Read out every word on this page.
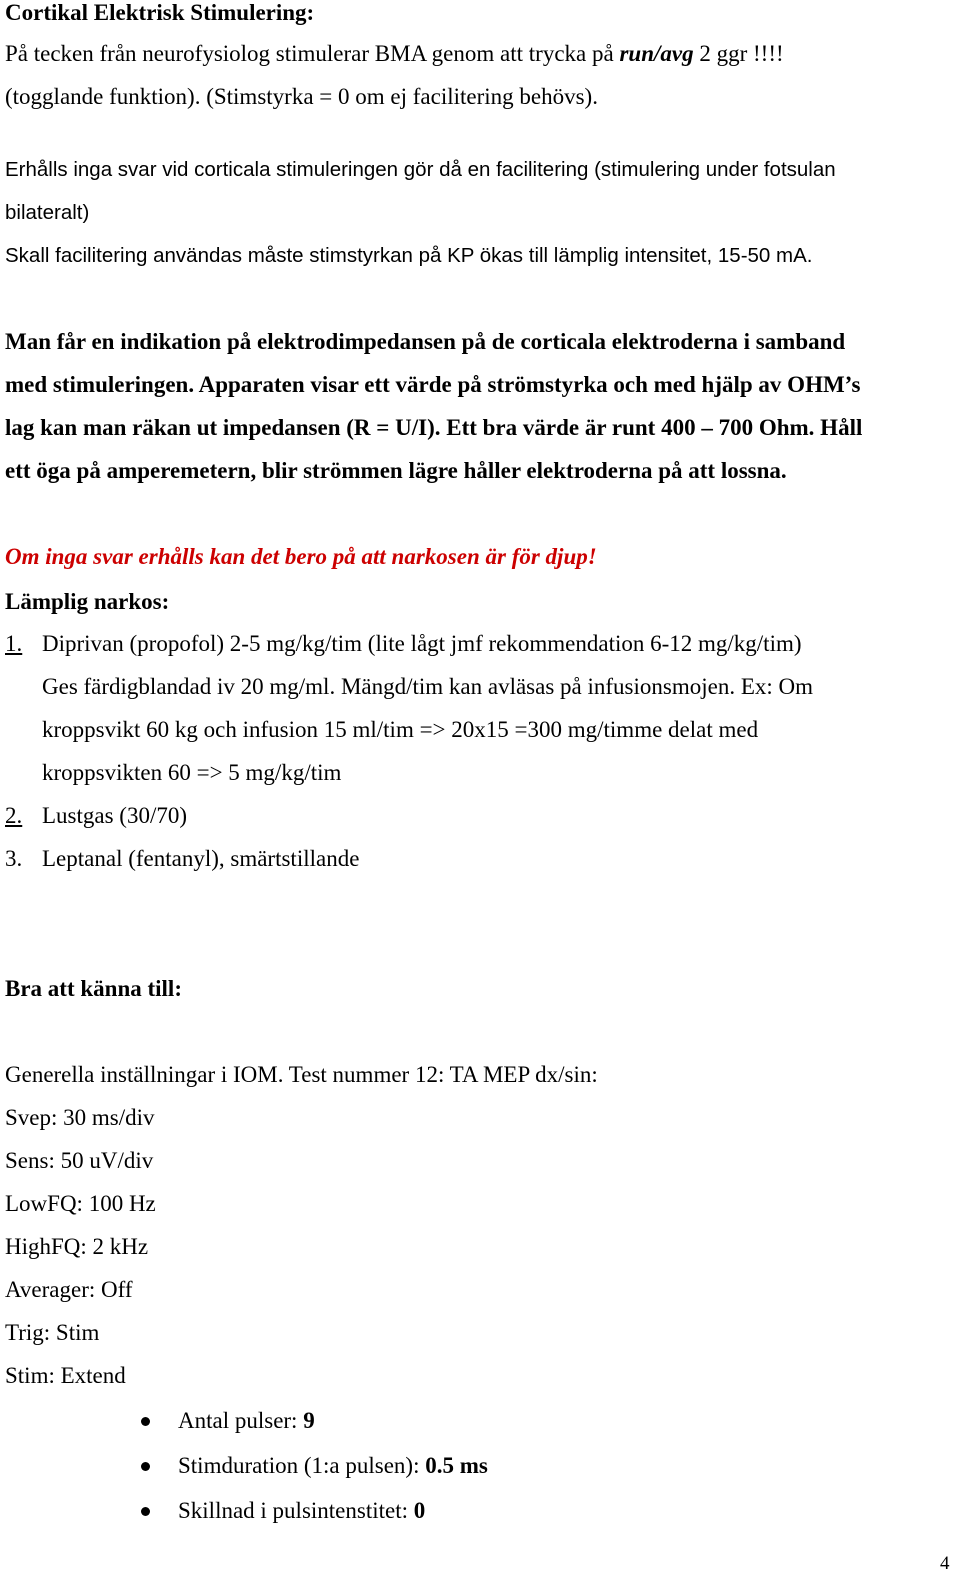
Cortikal Elektrisk Stimulering:
På tecken från neurofysiolog stimulerar BMA genom att trycka på run/avg 2 ggr !!!!
(togglande funktion). (Stimstyrka = 0 om ej facilitering behövs).
Erhålls inga svar vid corticala stimuleringen gör då en facilitering (stimulering under fotsulan
bilateralt)
Skall facilitering användas måste stimstyrkan på KP ökas till lämplig intensitet, 15-50 mA.
Man får en indikation på elektrodimpedansen på de corticala elektroderna i samband
med stimuleringen. Apparaten visar ett värde på strömstyrka och med hjälp av OHM’s
lag kan man räkan ut impedansen (R = U/I). Ett bra värde är runt 400 – 700 Ohm. Håll
ett öga på amperemetern, blir strömmen lägre håller elektroderna på att lossna.
Om inga svar erhålls kan det bero på att narkosen är för djup!
Lämplig narkos:
1. Diprivan (propofol) 2-5 mg/kg/tim (lite lågt jmf rekommendation 6-12 mg/kg/tim)
Ges färdigblandad iv 20 mg/ml. Mängd/tim kan avläsas på infusionsmojen. Ex: Om
kroppsvikt 60 kg och infusion 15 ml/tim => 20x15 =300 mg/timme delat med
kroppsvikten 60 => 5 mg/kg/tim
2. Lustgas (30/70)
3. Leptanal (fentanyl), smärtstillande
Bra att känna till:
Generella inställningar i IOM. Test nummer 12: TA MEP dx/sin:
Svep: 30 ms/div
Sens: 50 uV/div
LowFQ: 100 Hz
HighFQ: 2 kHz
Averager: Off
Trig: Stim
Stim: Extend
Antal pulser: 9
Stimduration (1:a pulsen): 0.5 ms
Skillnad i pulsintenstitet: 0
4
